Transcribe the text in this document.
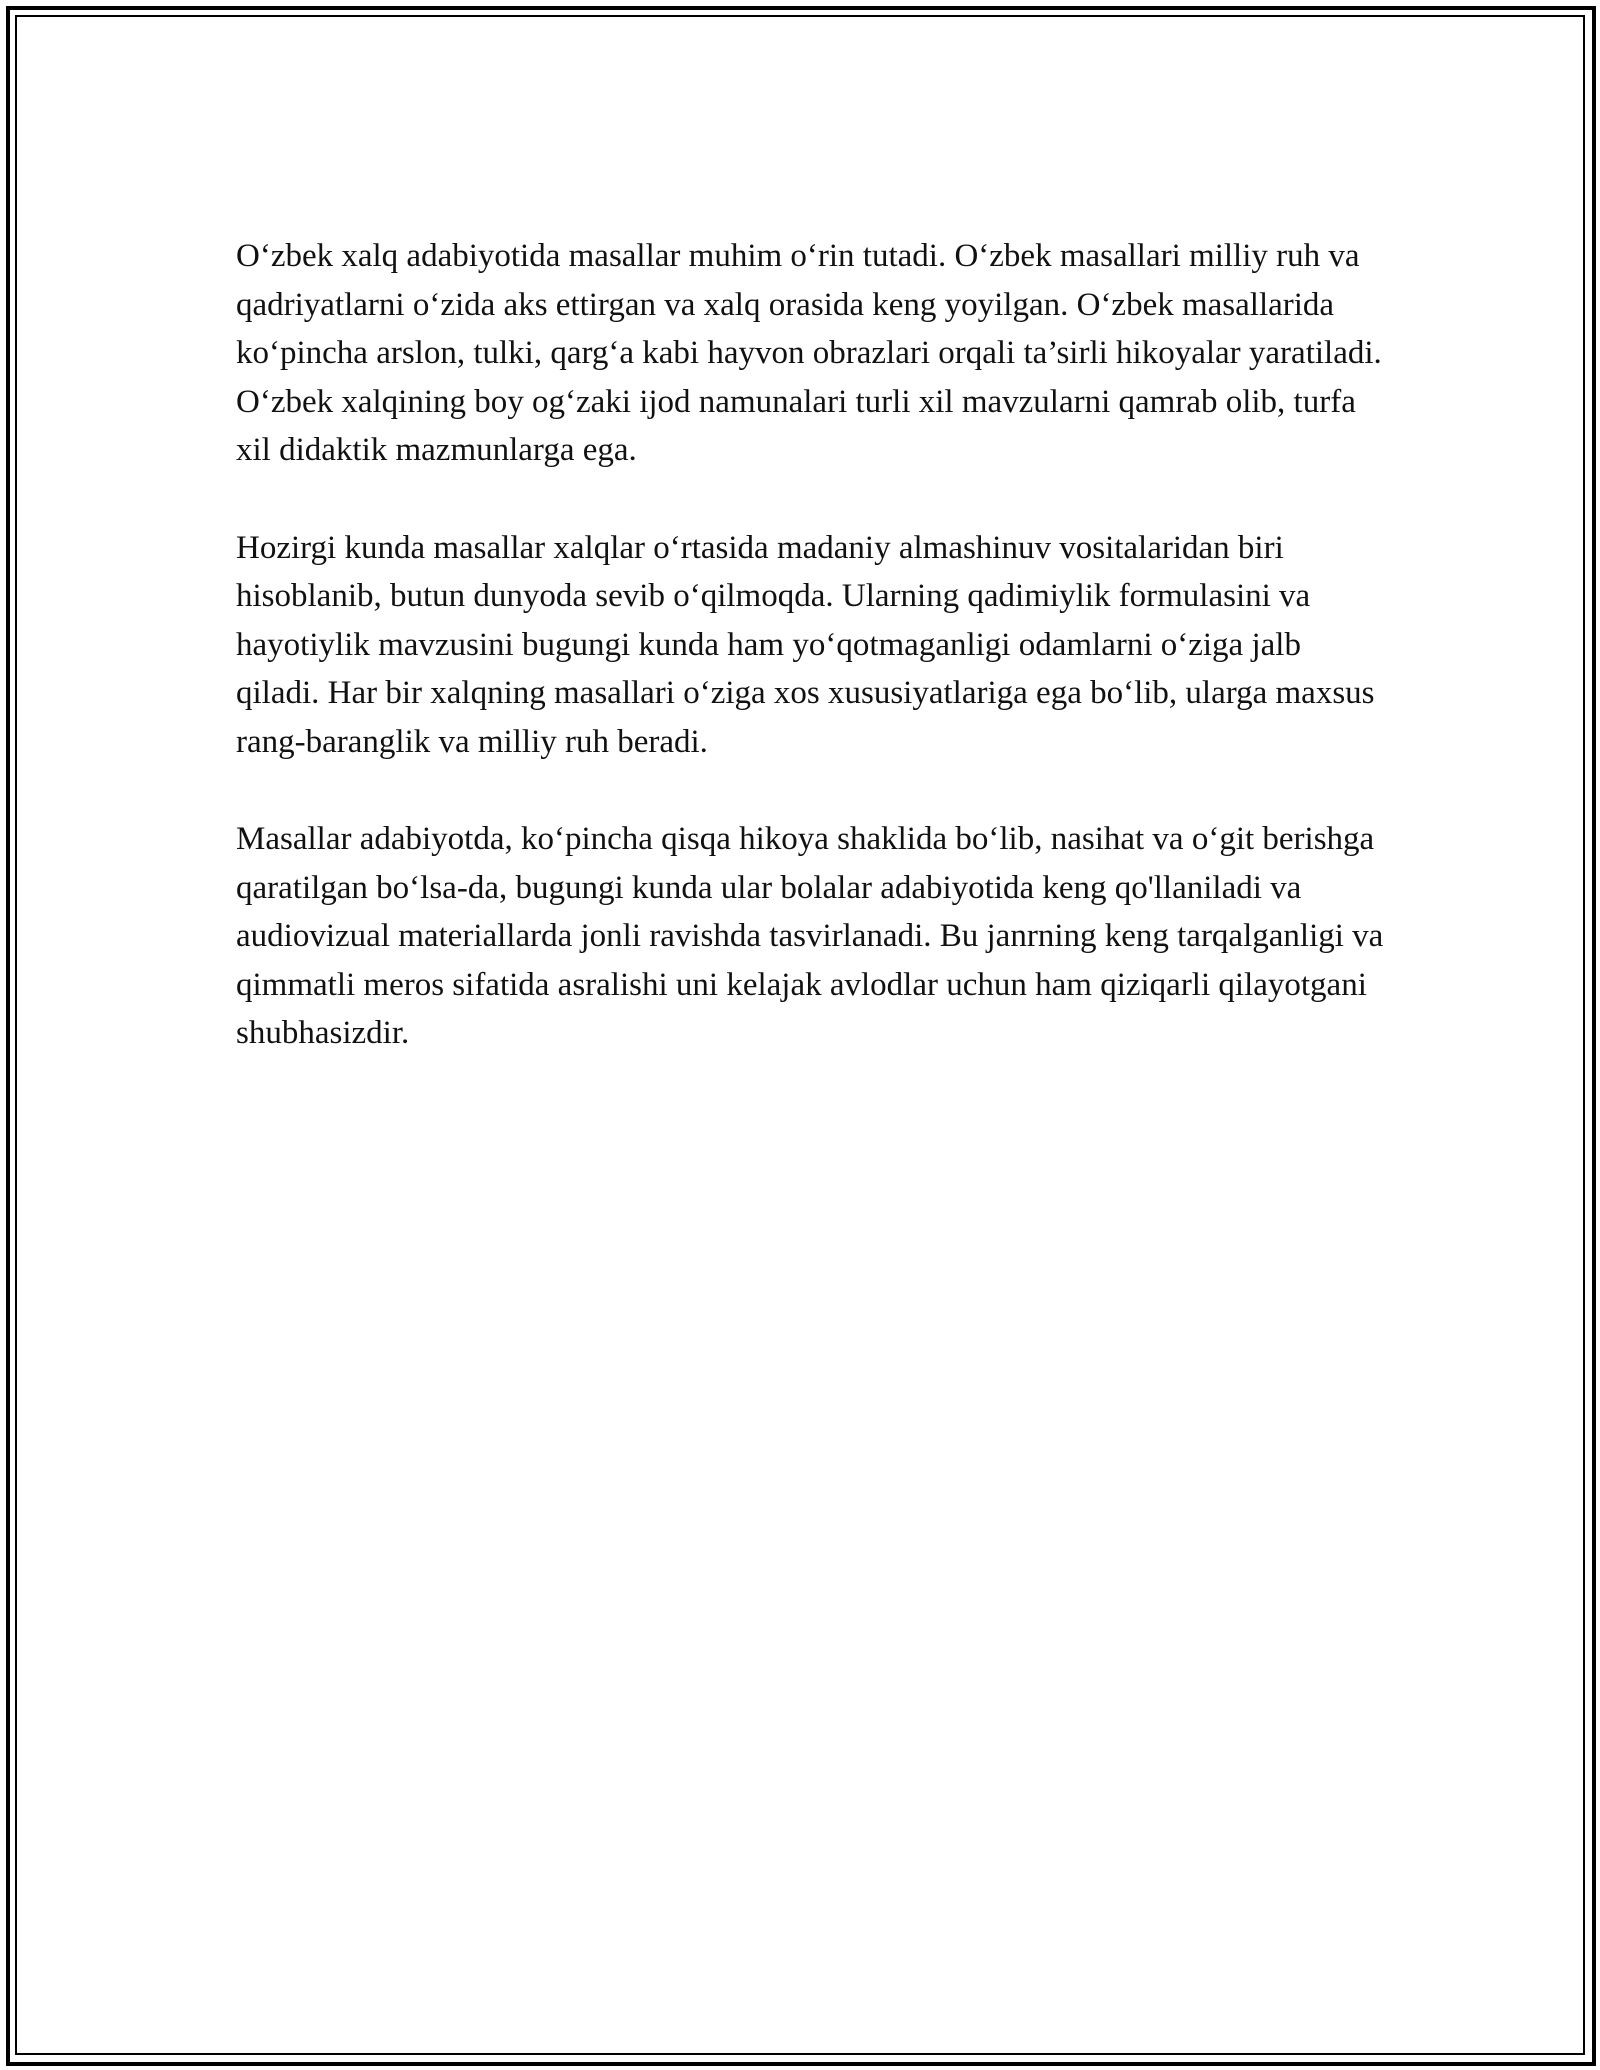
O‘zbek xalq adabiyotida masallar muhim o‘rin tutadi. O‘zbek masallari milliy ruh va qadriyatlarni o‘zida aks ettirgan va xalq orasida keng yoyilgan. O‘zbek masallarida ko‘pincha arslon, tulki, qarg‘a kabi hayvon obrazlari orqali ta’sirli hikoyalar yaratiladi. O‘zbek xalqining boy og‘zaki ijod namunalari turli xil mavzularni qamrab olib, turfa xil didaktik mazmunlarga ega.

Hozirgi kunda masallar xalqlar o‘rtasida madaniy almashinuv vositalaridan biri hisoblanib, butun dunyoda sevib o‘qilmoqda. Ularning qadimiylik formulasini va hayotiylik mavzusini bugungi kunda ham yo‘qotmaganligi odamlarni o‘ziga jalb qiladi. Har bir xalqning masallari o‘ziga xos xususiyatlariga ega bo‘lib, ularga maxsus rang-baranglik va milliy ruh beradi.

Masallar adabiyotda, ko‘pincha qisqa hikoya shaklida bo‘lib, nasihat va o‘git berishga qaratilgan bo‘lsa-da, bugungi kunda ular bolalar adabiyotida keng qo'llaniladi va audiovizual materiallarda jonli ravishda tasvirlanadi. Bu janrning keng tarqalganligi va qimmatli meros sifatida asralishi uni kelajak avlodlar uchun ham qiziqarli qilayotgani shubhasizdir.
